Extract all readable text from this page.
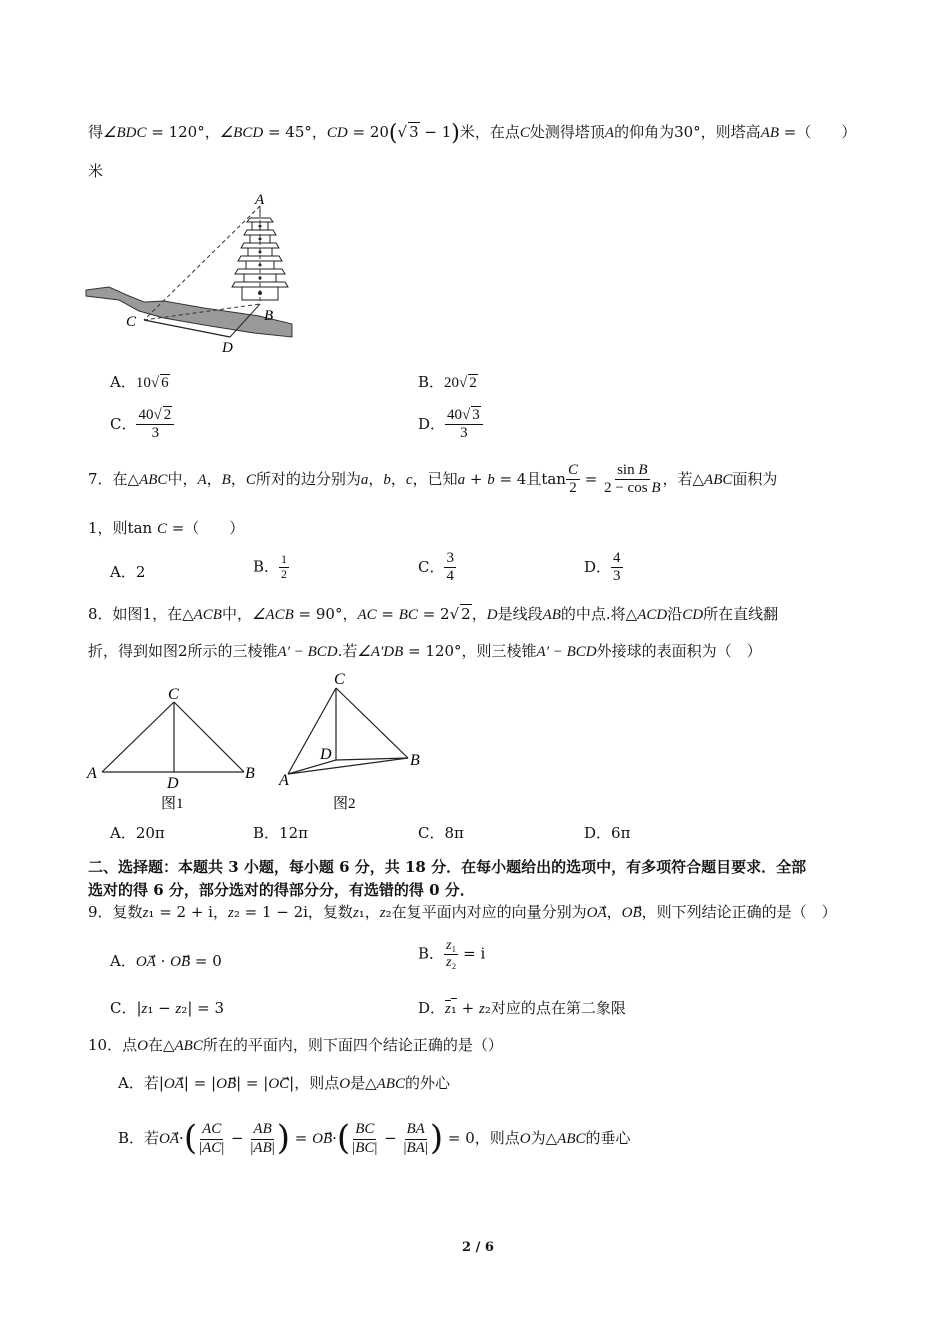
得∠BDC = 120°，∠BCD = 45°，CD = 20(√ 3 − 1)米，在点C处测得塔顶A的仰角为30°，则塔高AB =（　　）
米
A
B
C
D
A．10√ 6	B．20√ 2
C． $\frac{40√ 2}{3}$	D． $\frac{40√ 3}{3}$
7．在△ABC中，A，B，C所对的边分别为a，b，c，已知a + b = 4且$\tan \frac{C}{2} = \frac{\text{sin B}}{\text{2 − cos B}}$ ，若△ABC面积为
1，则tan C =（　　）
A．2	B． $\frac{1}{2}$	C． $\frac{3}{4}$	D． $\frac{4}{3}$
8．如图1，在△ACB中，∠ACB = 90°，AC = BC = 2√ 2，D是线段AB的中点.将△ACD沿CD所在直线翻
折，得到如图2所示的三棱锥A′ − BCD.若∠A′DB = 120°，则三棱锥A′ − BCD外接球的表面积为（　）
C
A	B
D
图1
C
A
B
D
图2
A．20π	B．12π	C．8π	D．6π
二、选择题：本题共 3 小题，每小题 6 分，共 18 分．在每小题给出的选项中，有多项符合题目要求．全部
选对的得 6 分，部分选对的得部分分，有选错的得 0 分．
9．复数z₁ = 2 + i，z₂ = 1 − 2i，复数z₁，z₂在复平面内对应的向量分别为OA⃗，OB⃗，则下列结论正确的是（　）
A．OA⃗ · OB⃗ = 0	B． $\frac{\text{z₁}}{\text{z₂}} = i$
C．|z₁ − z₂| = 3	D．z₁ + z₂对应的点在第二象限
10．点O在△ABC所在的平面内，则下面四个结论正确的是（）
A．若|OA⃗| = |OB⃗| = |OC⃗|，则点O是△ABC的外心
B．若OA⃗·( $\frac{AC}{|AC|} - \frac{AB}{|AB|}$ ) = OB⃗·( $\frac{BC}{|BC|} - \frac{BA}{|BA|}$ ) = 0，则点O为△ABC的垂心
2 / 6
